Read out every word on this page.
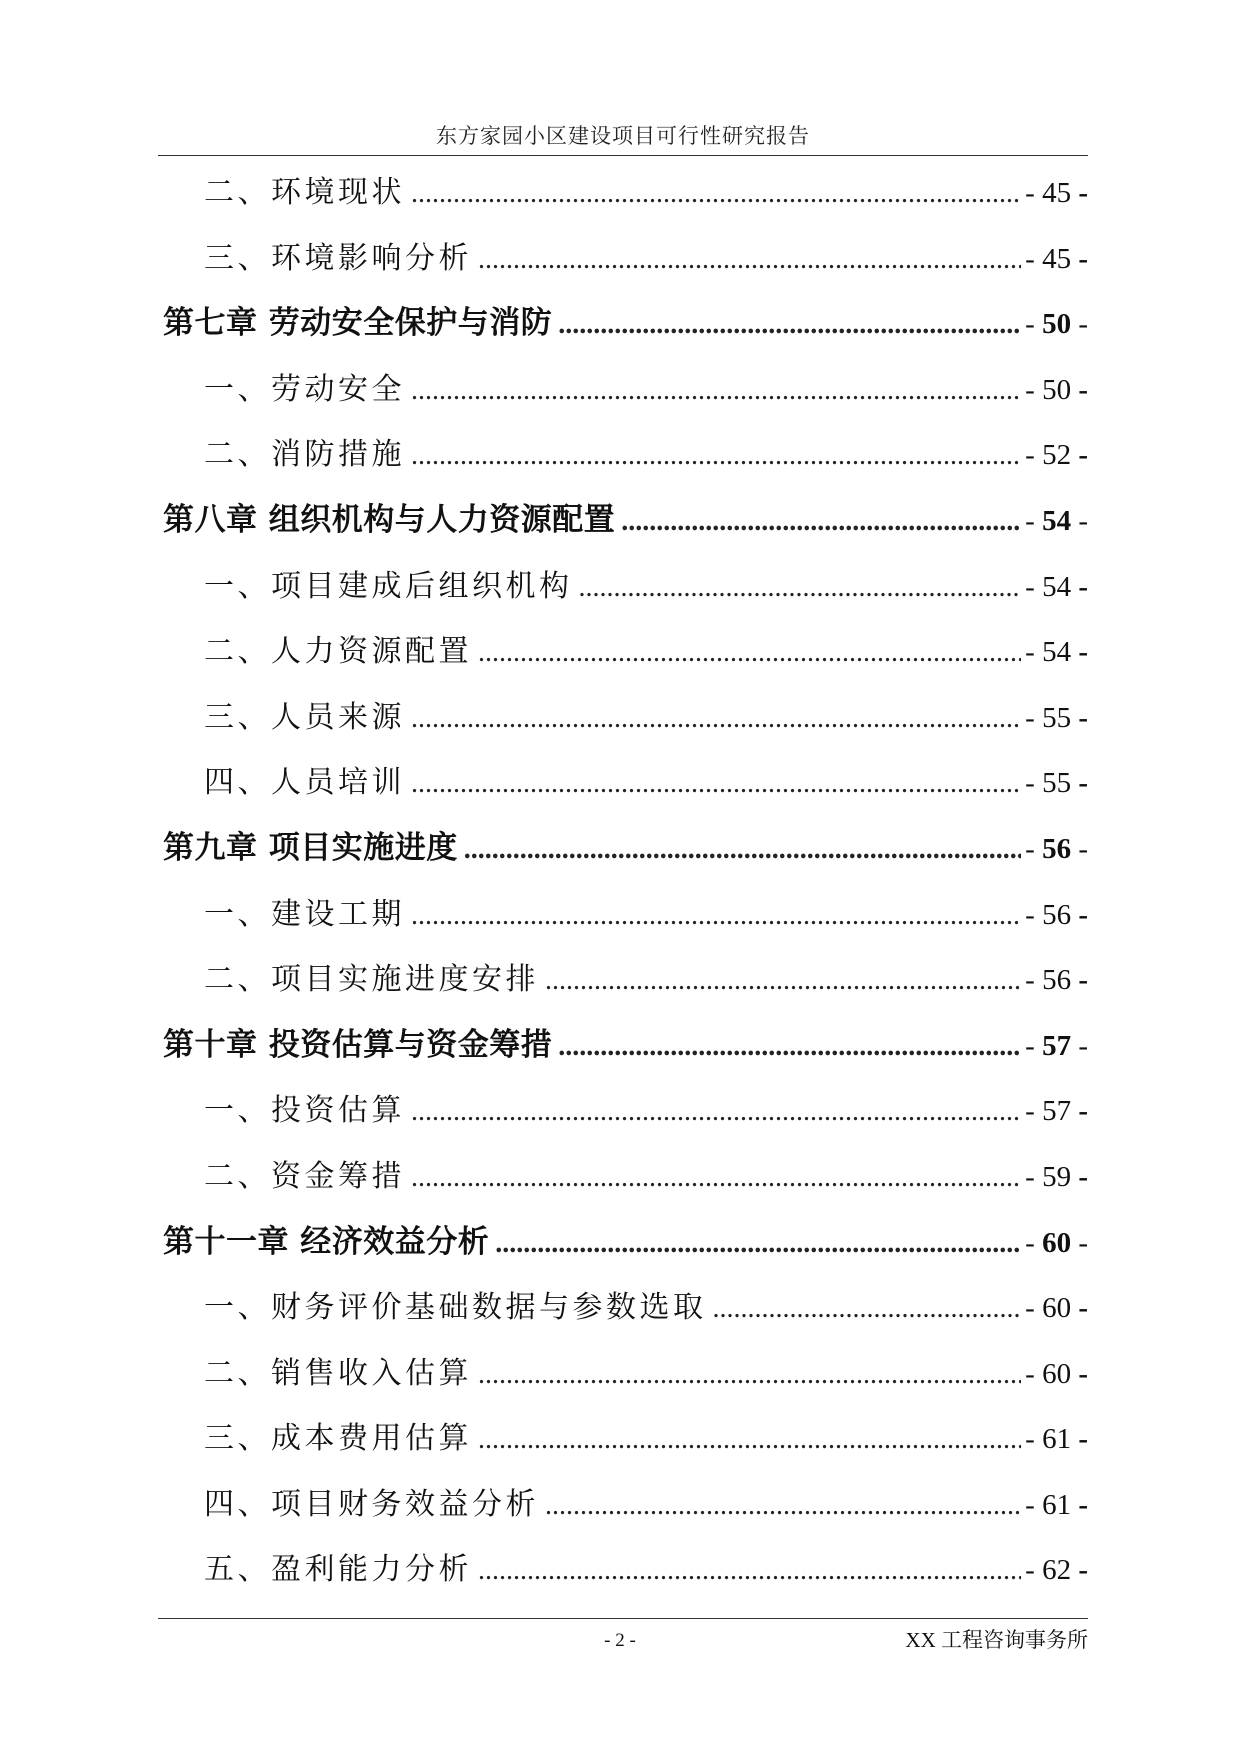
东方家园小区建设项目可行性研究报告
二、环境现状 .....	- 45 -
三、环境影响分析 .....	- 45 -
第七章 劳动安全保护与消防 .....	- 50 -
一、劳动安全 .....	- 50 -
二、消防措施 .....	- 52 -
第八章 组织机构与人力资源配置 .....	- 54 -
一、项目建成后组织机构 .....	- 54 -
二、人力资源配置 .....	- 54 -
三、人员来源 .....	- 55 -
四、人员培训 .....	- 55 -
第九章 项目实施进度 .....	- 56 -
一、建设工期 .....	- 56 -
二、项目实施进度安排 .....	- 56 -
第十章 投资估算与资金筹措 .....	- 57 -
一、投资估算 .....	- 57 -
二、资金筹措 .....	- 59 -
第十一章 经济效益分析 .....	- 60 -
一、财务评价基础数据与参数选取 .....	- 60 -
二、销售收入估算 .....	- 60 -
三、成本费用估算 .....	- 61 -
四、项目财务效益分析 .....	- 61 -
五、盈利能力分析 .....	- 62 -
- 2 -	XX 工程咨询事务所
